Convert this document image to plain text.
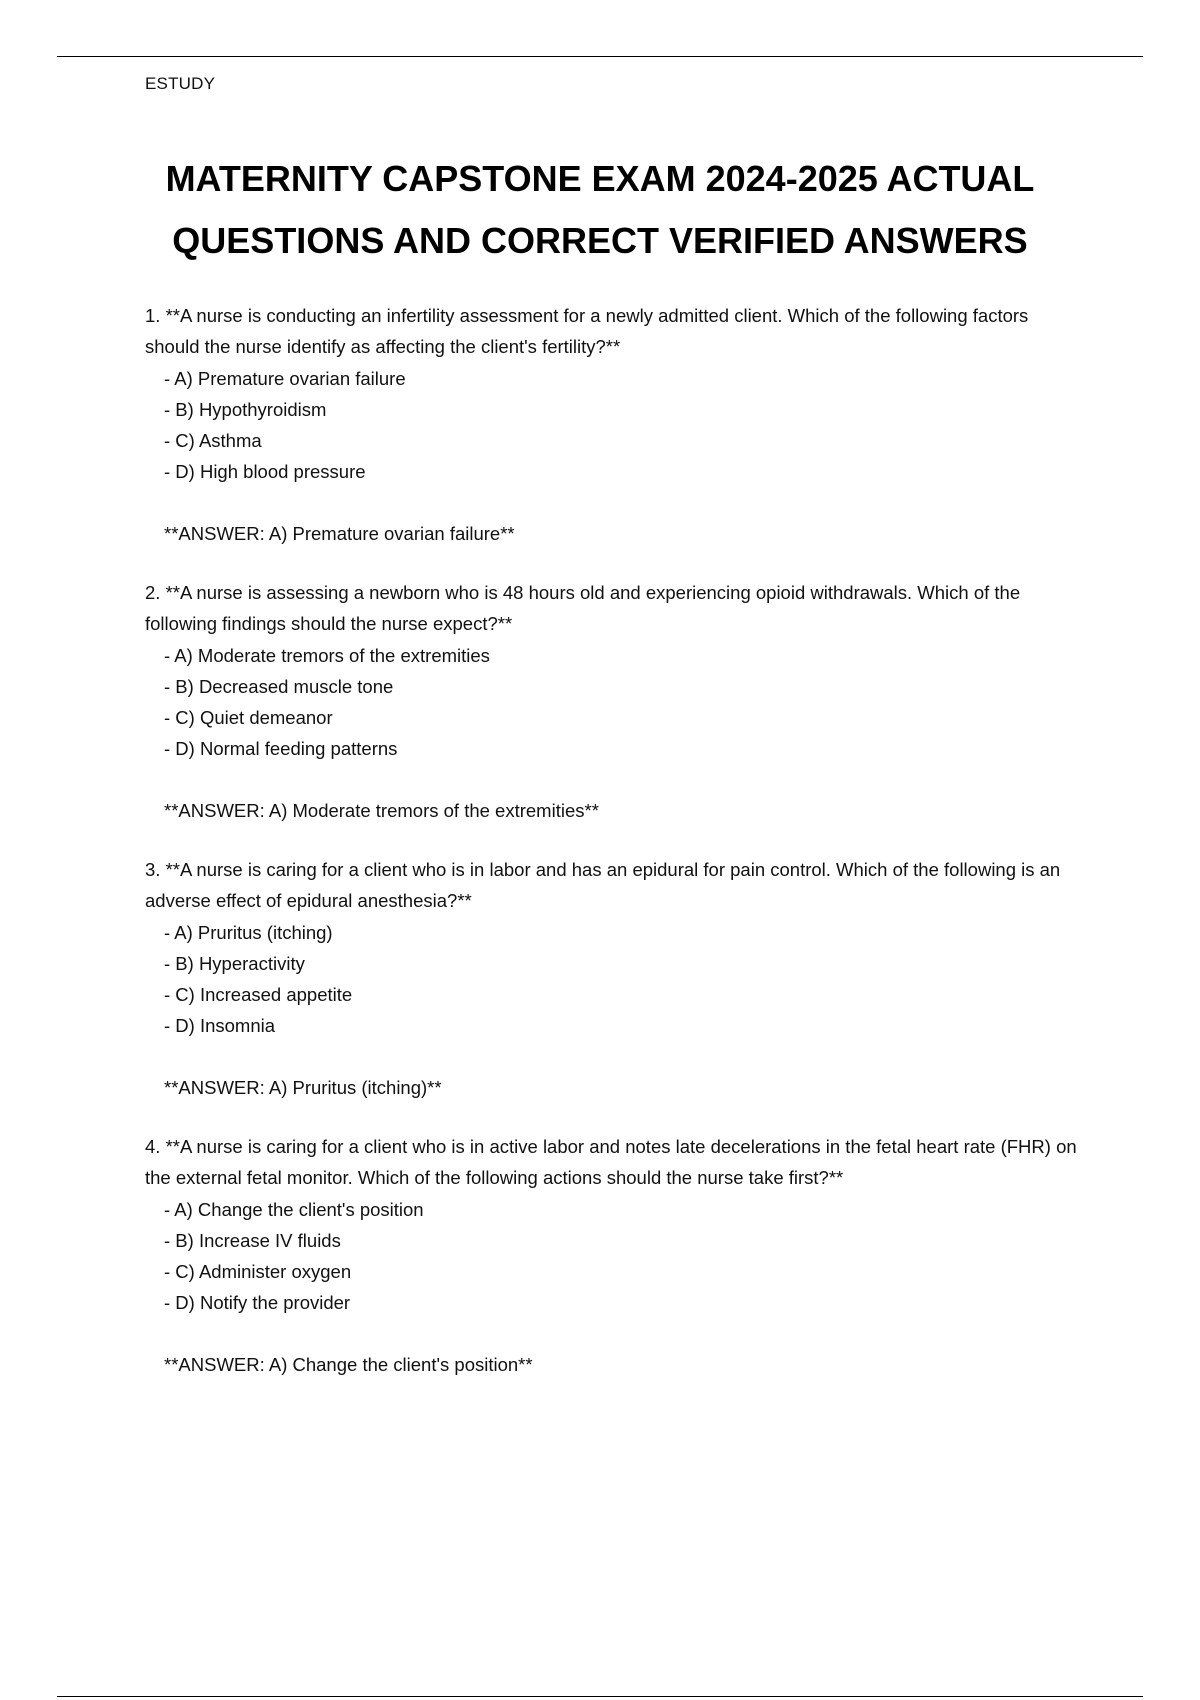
ESTUDY
MATERNITY CAPSTONE EXAM 2024-2025 ACTUAL
QUESTIONS AND CORRECT VERIFIED ANSWERS

1. **A nurse is conducting an infertility assessment for a newly admitted client. Which of the following factors should the nurse identify as affecting the client's fertility?**

- A) Premature ovarian failure
- B) Hypothyroidism
- C) Asthma
- D) High blood pressure
**ANSWER: A) Premature ovarian failure**

2. **A nurse is assessing a newborn who is 48 hours old and experiencing opioid withdrawals. Which of the following findings should the nurse expect?**

- A) Moderate tremors of the extremities
- B) Decreased muscle tone
- C) Quiet demeanor
- D) Normal feeding patterns
**ANSWER: A) Moderate tremors of the extremities**

3. **A nurse is caring for a client who is in labor and has an epidural for pain control. Which of the following is an adverse effect of epidural anesthesia?**

- A) Pruritus (itching)
- B) Hyperactivity
- C) Increased appetite
- D) Insomnia
**ANSWER: A) Pruritus (itching)**

4. **A nurse is caring for a client who is in active labor and notes late decelerations in the fetal heart rate (FHR) on the external fetal monitor. Which of the following actions should the nurse take first?**

- A) Change the client's position
- B) Increase IV fluids
- C) Administer oxygen
- D) Notify the provider
**ANSWER: A) Change the client's position**
